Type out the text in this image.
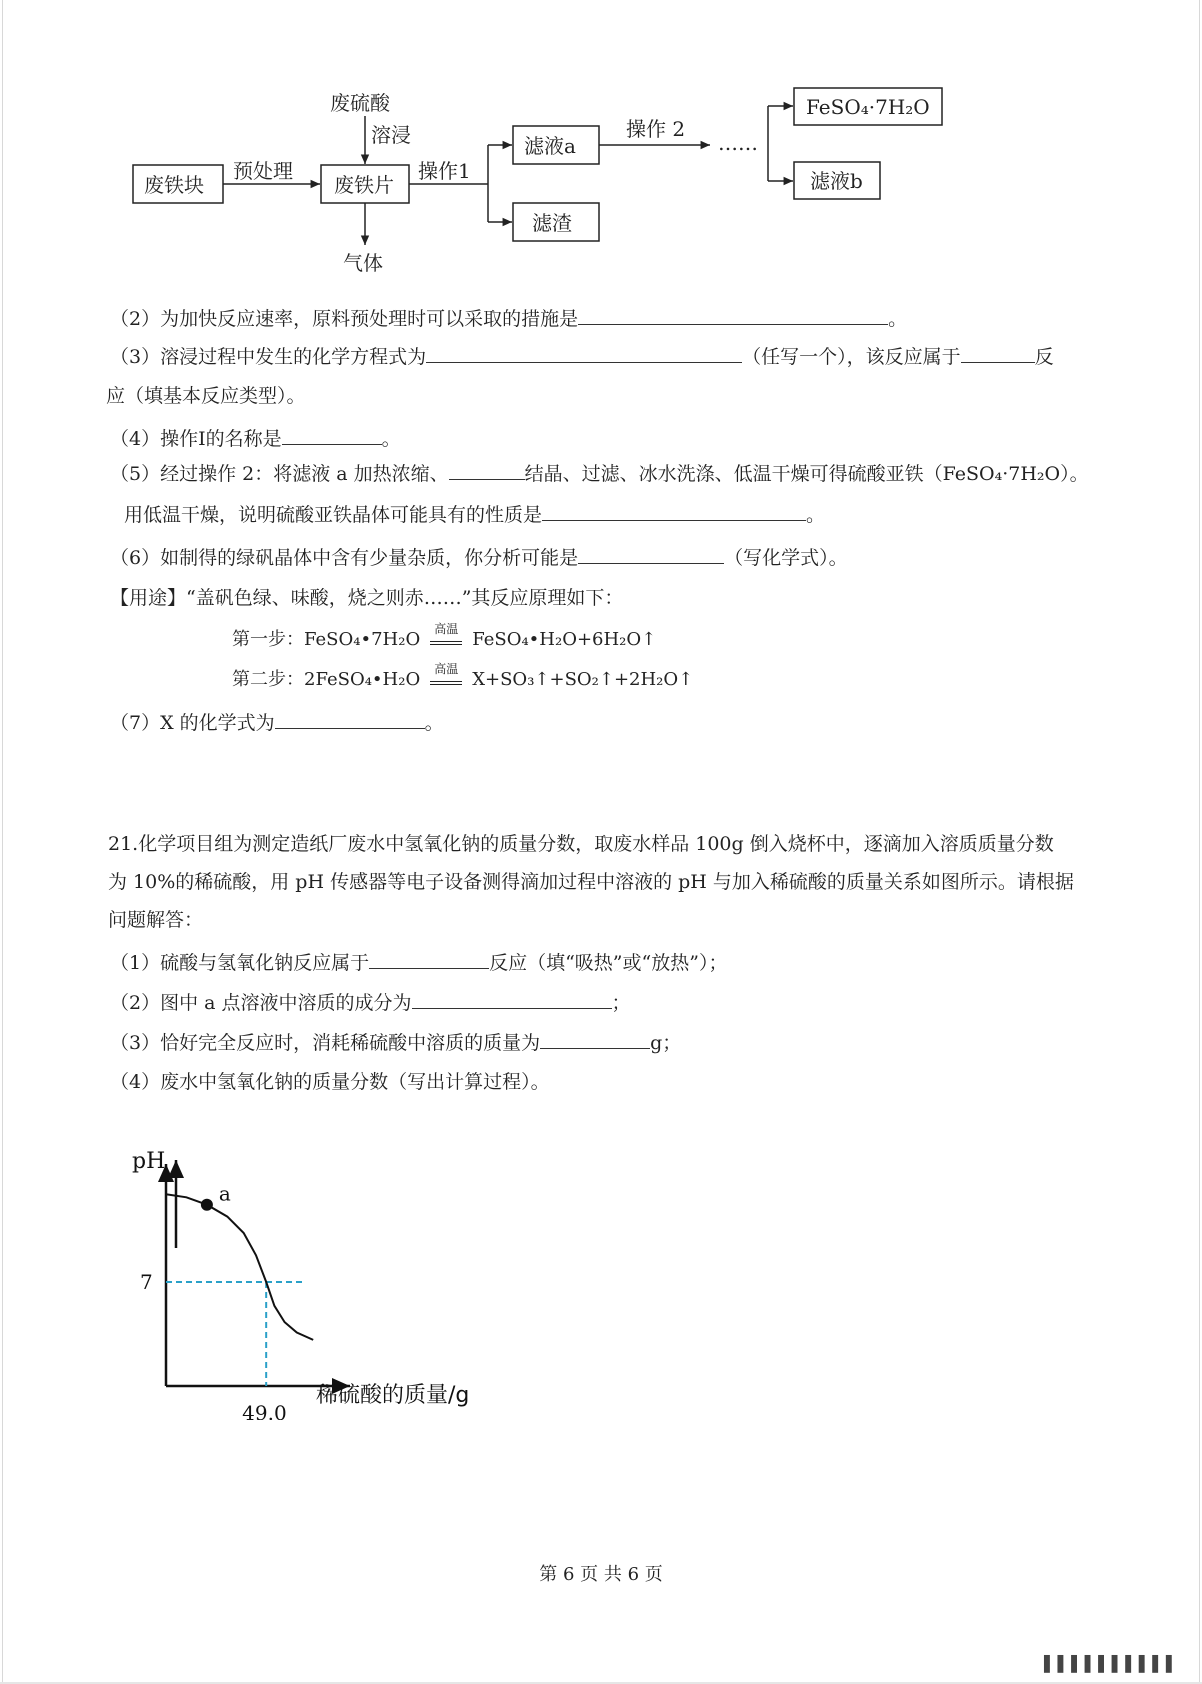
废硫酸
溶浸
废铁块
预处理
废铁片
操作1
滤液a
滤渣
操作 2
……
FeSO₄·7H₂O
滤液b
气体
（2）为加快反应速率，原料预处理时可以采取的措施是	。
（3）溶浸过程中发生的化学方程式为	（任写一个），该反应属于	反
应（填基本反应类型）。
（4）操作Ⅰ的名称是	。
（5）经过操作 2：将滤液 a 加热浓缩、	结晶、过滤、冰水洗涤、低温干燥可得硫酸亚铁（FeSO₄·7H₂O）。
用低温干燥，说明硫酸亚铁晶体可能具有的性质是	。
（6）如制得的绿矾晶体中含有少量杂质，你分析可能是	（写化学式）。
【用途】“盖矾色绿、味酸，烧之则赤……”其反应原理如下：
第一步：FeSO₄•7H₂O	高温 FeSO₄•H₂O+6H₂O↑
第二步：2FeSO₄•H₂O	高温 X+SO₃↑+SO₂↑+2H₂O↑
（7）X 的化学式为	。
21.化学项目组为测定造纸厂废水中氢氧化钠的质量分数，取废水样品 100g 倒入烧杯中，逐滴加入溶质质量分数
为 10%的稀硫酸，用 pH 传感器等电子设备测得滴加过程中溶液的 pH 与加入稀硫酸的质量关系如图所示。请根据
问题解答：
（1）硫酸与氢氧化钠反应属于	反应（填“吸热”或“放热”）；
（2）图中 a 点溶液中溶质的成分为	；
（3）恰好完全反应时，消耗稀硫酸中溶质的质量为	g；
（4）废水中氢氧化钠的质量分数（写出计算过程）。
a
7
49.0
pH
稀硫酸的质量/g
第 6 页 共 6 页
▌▌▌▌▌▌▌▌▌▌
